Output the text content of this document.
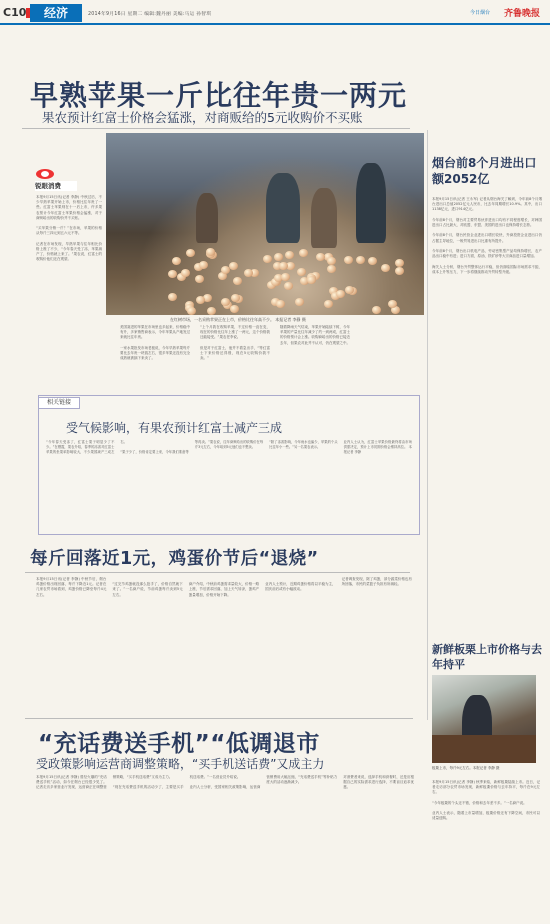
C10	经济	2014年9月16日 星期二 编辑:魏丹丽 美编:马运 孙智琪	今日烟台 齐鲁晚报
早熟苹果一斤比往年贵一两元
果农预计红富士价格会猛涨，对商贩给的5元收购价不买账
锐眼消费
在红树市场，一名采购苹果正在上市，价格比往年高不少。 本报记者 李静 摄
本报9月15日讯(记者 李静) 中秋过后，不少早熟苹果开始上市，价格比往年贵了一些。红富士苹果则在十一后上市，许多果农预计今年红富士苹果价格会猛涨，对于商贩给出的收购价并不买账。

“买苹果分销一斤？”在市场，苹果的价格从每斤三四元到五六元不等。

记者在市场发现，早熟苹果与往年相比价格上涨了不少，“今年春天受了冻，苹果减产了，价格就上来了。”果农说，红富士的收购价他们还在观望。
美国赛进的苹果在市场里也多起来，价格稳中有升，多家销售商表示，今年苹果从产地发过来就比往年贵。

一家水果批发市场老板说，今年早熟苹果每斤要比去年贵一块钱左右，很多苹果还没有完全成熟就被摘下来卖了。
“上个月我在收购苹果，不过价格一直在变，现在的价格比往年上涨了一两元，这个价格我还能接受。”果农老李说。

但是对于红富士，他并不着急出手，“等红富士下来价格还得涨，现在5元收购价我不卖。”
随着降雨天气结束，苹果开始陆续下树，今年苹果的产量比往年减少了约一到两成，红富士的价格预计会上涨。收购商给出的价格已接近去年，但果农对此并不认可，仍在观望之中。
烟台前8个月进出口额2052亿
本报9月15日讯(记者 王永军) 记者从烟台海关了解到，今年前8个月烟台进出口总值2052亿元人民币，比去年同期增长10.9%。其中，出口1138亿元，进口914亿元。

今年前8个月，烟台对主要贸易伙伴进出口均有不同程度增长，对韩国进出口占比最大，对欧盟、东盟、美国的进出口也保持增长态势。

今年前8个月，烟台民营企业进出口增长较快，外商投资企业进出口仍占据主导地位，一般贸易进出口比重有所提升。

今年前8个月，烟台出口机电产品、劳动密集型产品均保持增长，农产品出口稳中有进；进口方面，原油、铁矿砂等大宗商品进口量增加。

海关人士分析，烟台外贸整体运行平稳，但仍面临国际市场需求不振、成本上升等压力，下一步将继续推动外贸转型升级。
相关链接
受气候影响，有果农预计红富士减产三成
“今年春天受冻了，红富士果子明显少了不少。”在栖霞，果农介绍，春季的冻害对红富士苹果的坐果率影响较大，不少果园减产三成左右。

“果子少了，价格肯定要上来，今年我们准备等等再卖。”果农说，往年商贩给出的收购价在每斤3元左右，今年给到5元他们也不想卖。

“除了冻害影响，今年雨水也偏少，苹果的个头比往年小一些。”另一名果农表示。

业内人士认为，红富士苹果价格最终将由市场供需决定，预计上市初期价格会维持高位。 本报记者 李静
每斤回落近1元，鸡蛋价节后“退烧”
本报9月15日讯(记者 李静) 中秋节后，烟台鸡蛋价格出现回落，每斤下降近1元。记者在几家农贸市场看到，鸡蛋价格已降至每斤4元左右。

“过完节鸡蛋就没那么抢手了，价格自然就下来了。”一名商户说，节前鸡蛋每斤卖到5元左右。

商户介绍，中秋前鸡蛋需求量较大，价格一路上涨，节后需求回落，加上天气转凉，蛋鸡产蛋量增加，价格开始下降。

业内人士预计，近期鸡蛋价格将以平稳为主，国庆前后或有小幅波动。

记者调查发现，除了鸡蛋，部分蔬菜价格也有所回落，市民的菜篮子负担有所减轻。
新鲜板栗上市价格与去年持平
板栗上市，每斤9元左右。本报记者 李静 摄
本报9月15日讯(记者 李静) 秋季来临，新鲜板栗陆续上市。近日，记者走访部分农贸市场发现，新鲜板栗价格与去年持平，每斤在9元左右。

“今年板栗的个头还不错，价格和去年差不多。”一名商户说。

业内人士表示，随着上市量增加，板栗价格还有下降空间，市民可以适量选购。
“充话费送手机”“低调退市
受政策影响运营商调整策略，“买手机送话费”又成主力
本报9月15日讯(记者 李静) 曾经火爆的“充话费送手机”活动，如今在烟台已经很少见了。记者走访多家营业厅发现，运营商正在调整营销策略，“买手机送话费”又成为主力。

“现在充话费送手机的活动少了，主要是买手机送话费。”一名营业员介绍说。

业内人士分析，受国家相关政策影响，运营商营销费用大幅压缩，“充话费送手机”等补贴力度大的活动逐渐减少。

对消费者来说，选择手机和套餐时，还是应根据自己的实际需求进行选择，不要盲目追求优惠。
